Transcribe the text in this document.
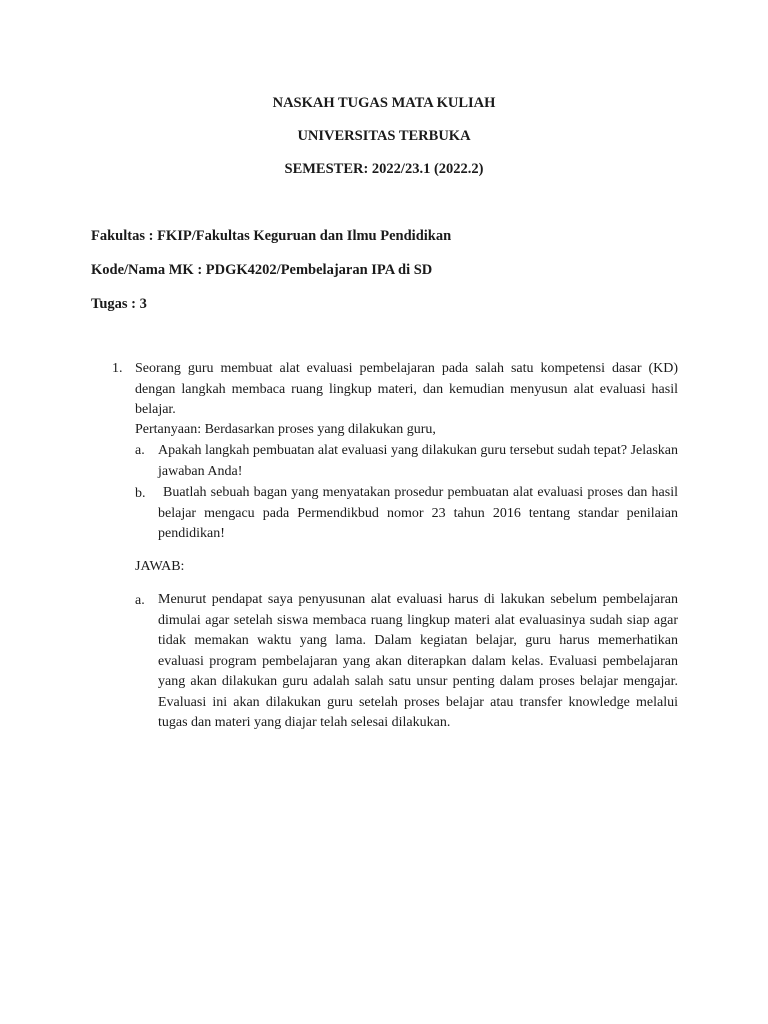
NASKAH TUGAS MATA KULIAH

UNIVERSITAS TERBUKA

SEMESTER: 2022/23.1 (2022.2)

Fakultas : FKIP/Fakultas Keguruan dan Ilmu Pendidikan

Kode/Nama MK : PDGK4202/Pembelajaran IPA di SD

Tugas : 3

1. Seorang guru membuat alat evaluasi pembelajaran pada salah satu kompetensi dasar (KD) dengan langkah membaca ruang lingkup materi, dan kemudian menyusun alat evaluasi hasil belajar.

Pertanyaan: Berdasarkan proses yang dilakukan guru,

a. Apakah langkah pembuatan alat evaluasi yang dilakukan guru tersebut sudah tepat? Jelaskan jawaban Anda!

b.	Buatlah sebuah bagan yang menyatakan prosedur pembuatan alat evaluasi proses dan hasil belajar mengacu pada Permendikbud nomor 23 tahun 2016 tentang standar penilaian pendidikan!

JAWAB:

a. Menurut pendapat saya penyusunan alat evaluasi harus di lakukan sebelum pembelajaran dimulai agar setelah siswa membaca ruang lingkup materi alat evaluasinya sudah siap agar tidak memakan waktu yang lama. Dalam kegiatan belajar, guru harus memerhatikan evaluasi program pembelajaran yang akan diterapkan dalam kelas. Evaluasi pembelajaran yang akan dilakukan guru adalah salah satu unsur penting dalam proses belajar mengajar. Evaluasi ini akan dilakukan guru setelah proses belajar atau transfer knowledge melalui tugas dan materi yang diajar telah selesai dilakukan.
